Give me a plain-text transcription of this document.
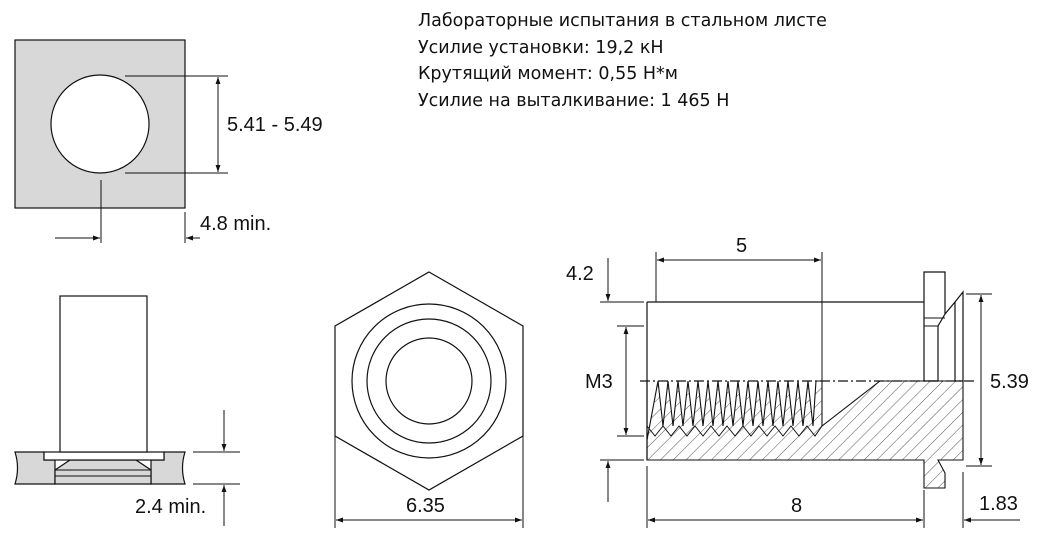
Лабораторные испытания в стальном листе
Усилие установки: 19,2 кН
Крутящий момент: 0,55 Н*м
Усилие на выталкивание: 1 465 Н
5.41 - 5.49
4.8 min.
2.4 min.	6.35
5
4.2
M3	5.39
8	1.83
